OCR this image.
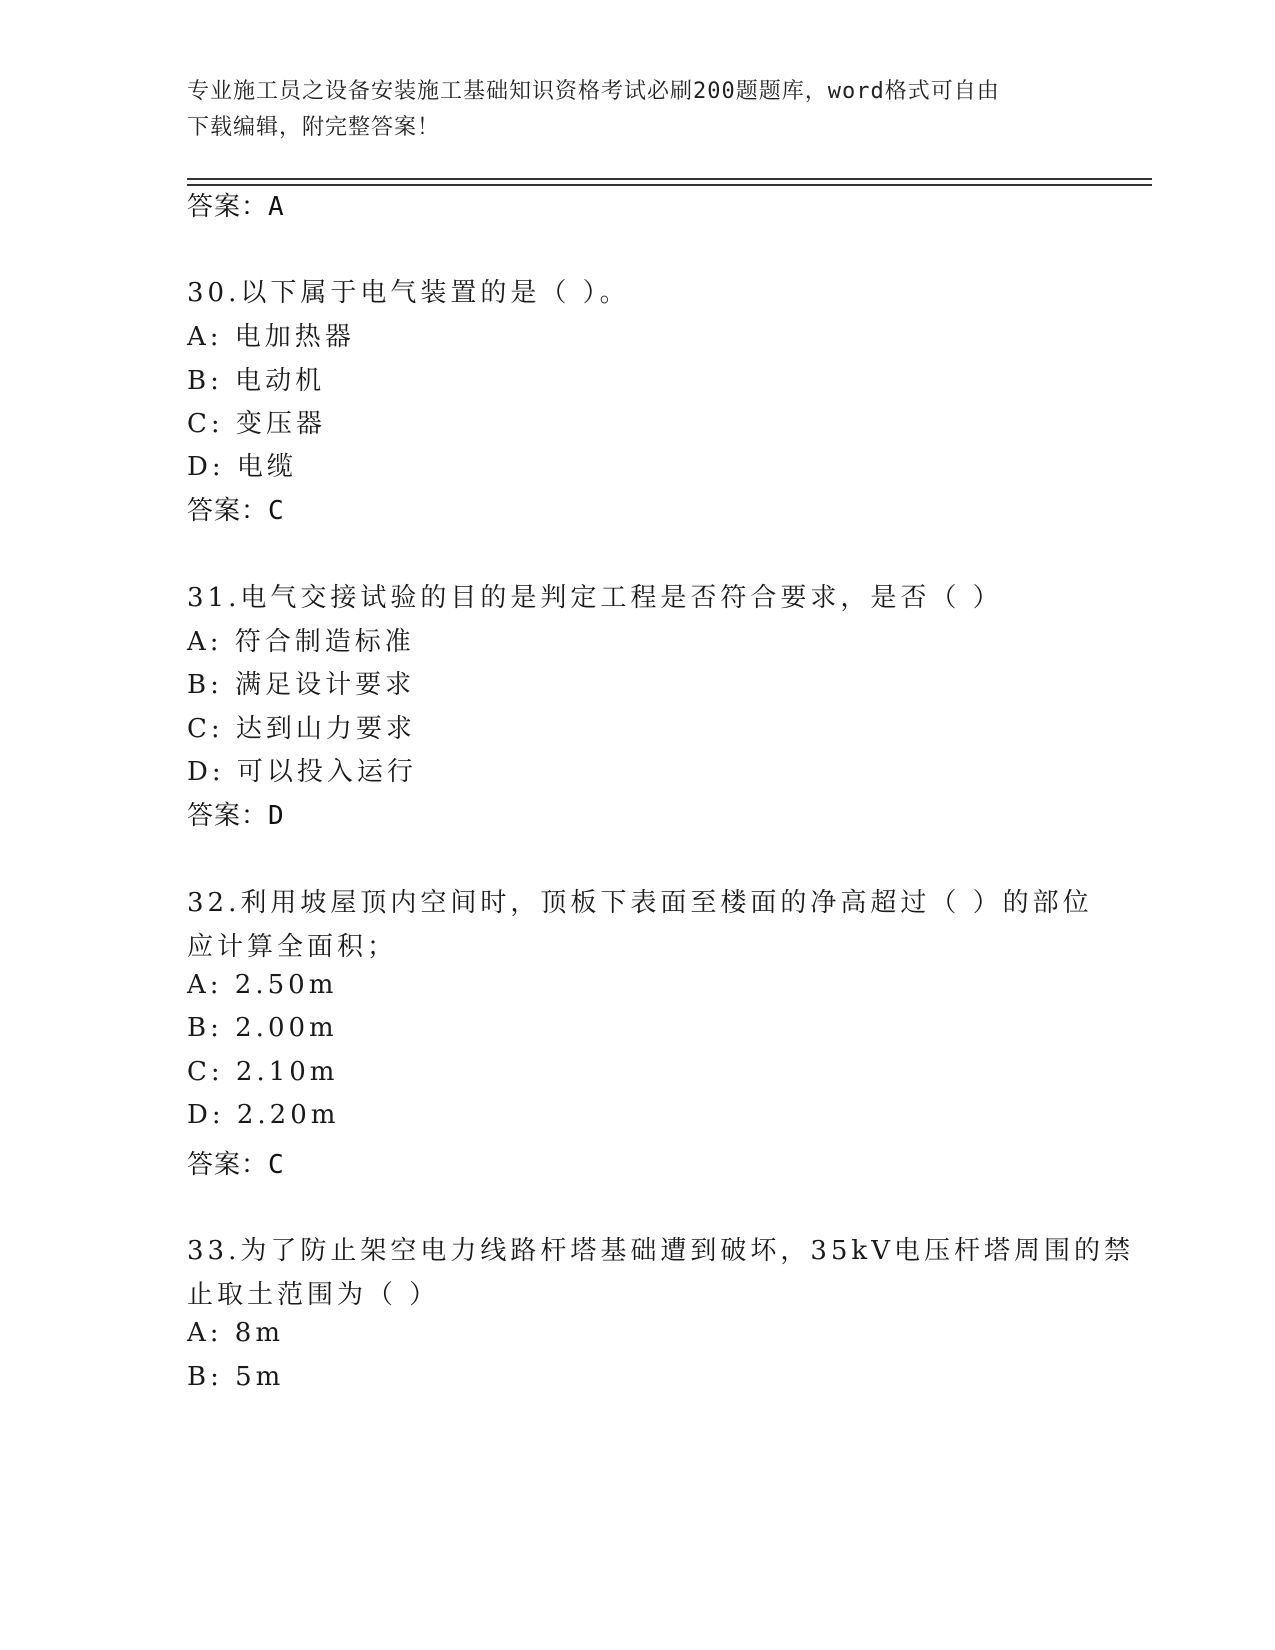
专业施工员之设备安装施工基础知识资格考试必刷200题题库，word格式可自由
下载编辑，附完整答案！
答案：A
30.以下属于电气装置的是（ ）。
A: 电加热器
B: 电动机
C: 变压器
D: 电缆
答案：C
31.电气交接试验的目的是判定工程是否符合要求，是否（ ）
A: 符合制造标准
B: 满足设计要求
C: 达到山力要求
D: 可以投入运行
答案：D
32.利用坡屋顶内空间时，顶板下表面至楼面的净高超过（ ）的部位
应计算全面积；
A: 2.50m
B: 2.00m
C: 2.10m
D: 2.20m
答案：C
33.为了防止架空电力线路杆塔基础遭到破坏，35kV电压杆塔周围的禁
止取土范围为（ ）
A: 8m
B: 5m
